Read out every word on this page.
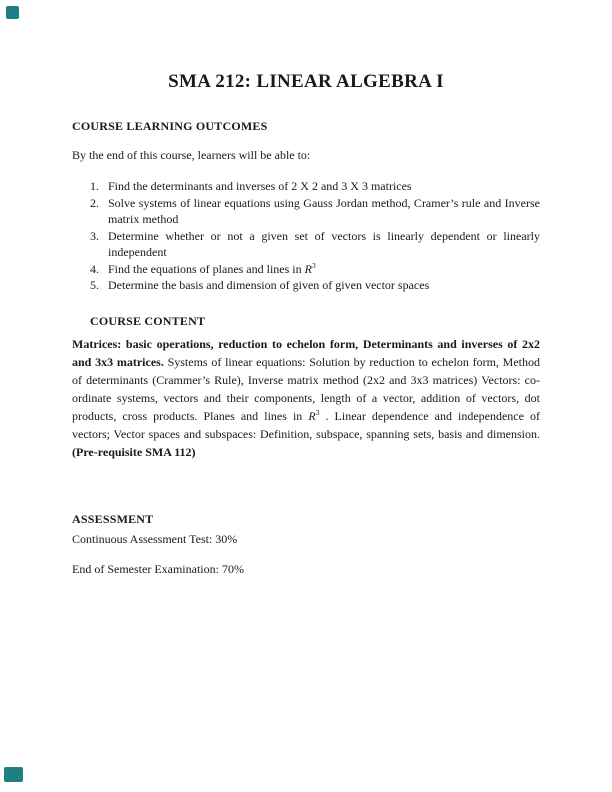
SMA 212: LINEAR ALGEBRA I
COURSE LEARNING OUTCOMES
By the end of this course, learners will be able to:
1. Find the determinants and inverses of 2 X 2 and 3 X 3 matrices
2. Solve systems of linear equations using Gauss Jordan method, Cramer’s rule and Inverse matrix method
3. Determine whether or not a given set of vectors is linearly dependent or linearly independent
4. Find the equations of planes and lines in $R^3$
5. Determine the basis and dimension of given of given vector spaces
COURSE CONTENT

Matrices: basic operations, reduction to echelon form, Determinants and inverses of 2x2 and 3x3 matrices. Systems of linear equations: Solution by reduction to echelon form, Method of determinants (Crammer’s Rule), Inverse matrix method (2x2 and 3x3 matrices) Vectors: co-ordinate systems, vectors and their components, length of a vector, addition of vectors, dot products, cross products. Planes and lines in $R^3$ . Linear dependence and independence of vectors; Vector spaces and subspaces: Definition, subspace, spanning sets, basis and dimension. (Pre-requisite SMA 112)

ASSESSMENT
Continuous Assessment Test: 30%
End of Semester Examination: 70%
